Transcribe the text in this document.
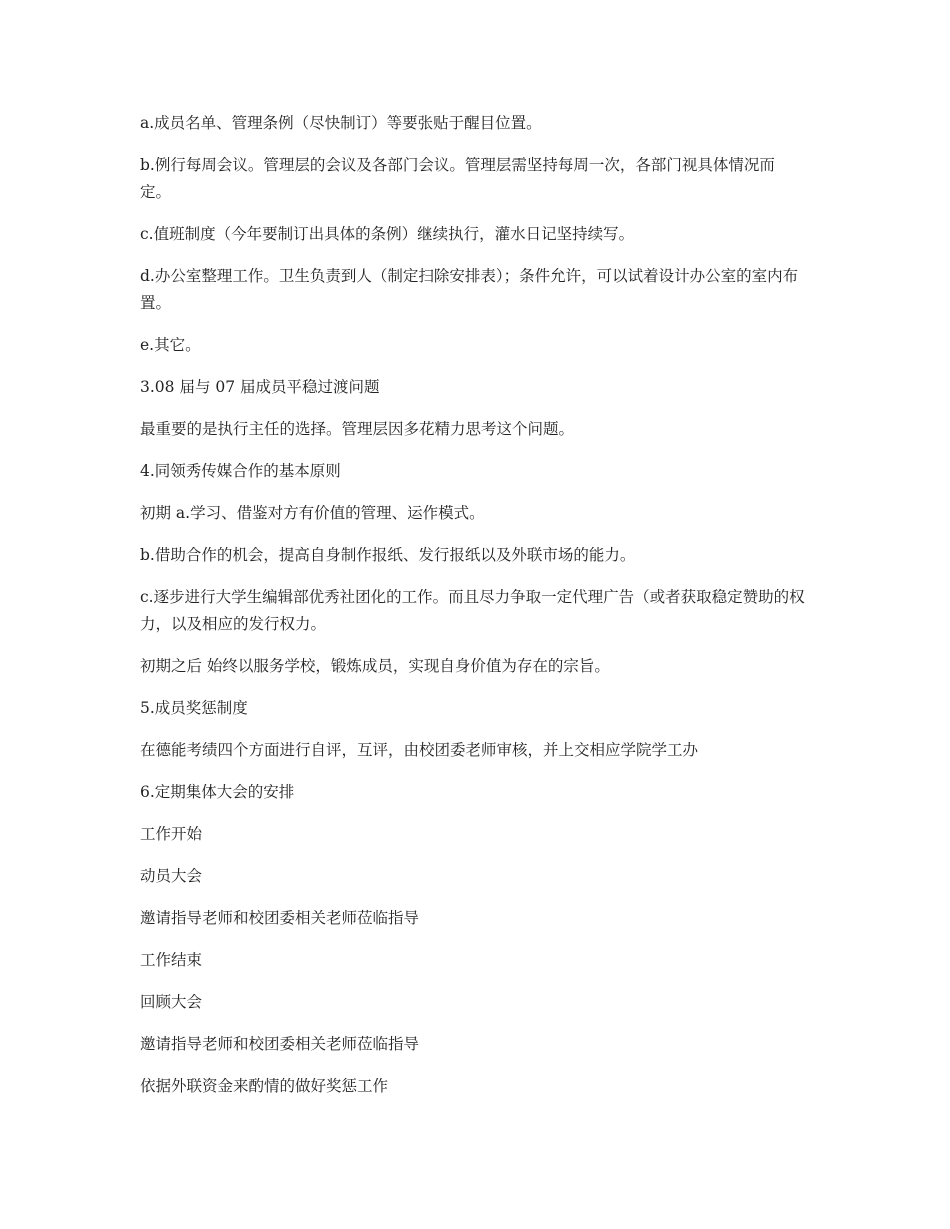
a.成员名单、管理条例（尽快制订）等要张贴于醒目位置。

b.例行每周会议。管理层的会议及各部门会议。管理层需坚持每周一次，各部门视具体情况而定。

c.值班制度（今年要制订出具体的条例）继续执行，灌水日记坚持续写。

d.办公室整理工作。卫生负责到人（制定扫除安排表）；条件允许，可以试着设计办公室的室内布置。

e.其它。

3.08 届与 07 届成员平稳过渡问题

最重要的是执行主任的选择。管理层因多花精力思考这个问题。

4.同领秀传媒合作的基本原则

初期 a.学习、借鉴对方有价值的管理、运作模式。

b.借助合作的机会，提高自身制作报纸、发行报纸以及外联市场的能力。

c.逐步进行大学生编辑部优秀社团化的工作。而且尽力争取一定代理广告（或者获取稳定赞助的权力，以及相应的发行权力。

初期之后 始终以服务学校，锻炼成员，实现自身价值为存在的宗旨。

5.成员奖惩制度

在德能考绩四个方面进行自评，互评，由校团委老师审核，并上交相应学院学工办

6.定期集体大会的安排

工作开始

动员大会

邀请指导老师和校团委相关老师莅临指导

工作结束

回顾大会

邀请指导老师和校团委相关老师莅临指导

依据外联资金来酌情的做好奖惩工作
